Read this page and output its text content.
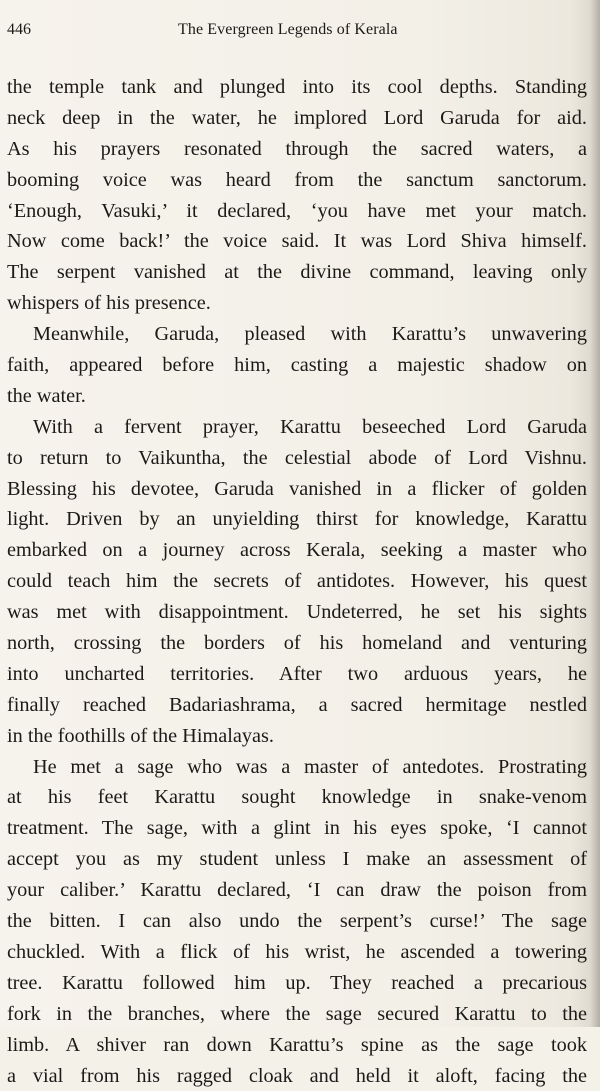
446	The Evergreen Legends of Kerala
the temple tank and plunged into its cool depths. Standing
neck deep in the water, he implored Lord Garuda for aid.
As his prayers resonated through the sacred waters, a
booming voice was heard from the sanctum sanctorum.
‘Enough, Vasuki,’ it declared, ‘you have met your match.
Now come back!’ the voice said. It was Lord Shiva himself.
The serpent vanished at the divine command, leaving only
whispers of his presence.
Meanwhile, Garuda, pleased with Karattu’s unwavering
faith, appeared before him, casting a majestic shadow on
the water.
With a fervent prayer, Karattu beseeched Lord Garuda
to return to Vaikuntha, the celestial abode of Lord Vishnu.
Blessing his devotee, Garuda vanished in a flicker of golden
light. Driven by an unyielding thirst for knowledge, Karattu
embarked on a journey across Kerala, seeking a master who
could teach him the secrets of antidotes. However, his quest
was met with disappointment. Undeterred, he set his sights
north, crossing the borders of his homeland and venturing
into uncharted territories. After two arduous years, he
finally reached Badariashrama, a sacred hermitage nestled
in the foothills of the Himalayas.
He met a sage who was a master of antedotes. Prostrating
at his feet Karattu sought knowledge in snake-venom
treatment. The sage, with a glint in his eyes spoke, ‘I cannot
accept you as my student unless I make an assessment of
your caliber.’ Karattu declared, ‘I can draw the poison from
the bitten. I can also undo the serpent’s curse!’ The sage
chuckled. With a flick of his wrist, he ascended a towering
tree. Karattu followed him up. They reached a precarious
fork in the branches, where the sage secured Karattu to the
limb. A shiver ran down Karattu’s spine as the sage took
a vial from his ragged cloak and held it aloft, facing the
